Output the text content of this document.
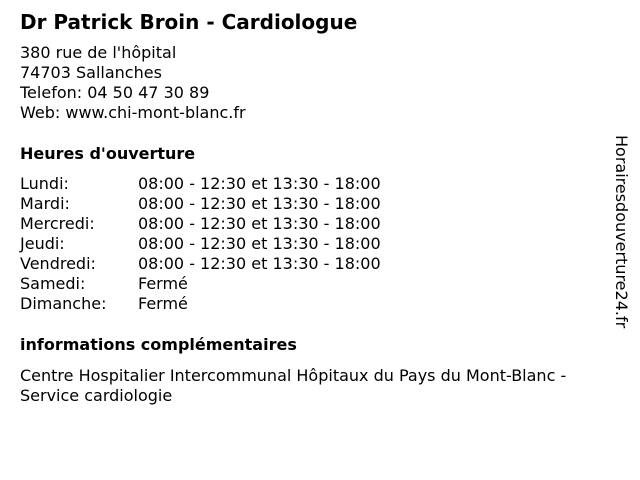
Dr Patrick Broin - Cardiologue
380 rue de l'hôpital
74703 Sallanches
Telefon: 04 50 47 30 89
Web: www.chi-mont-blanc.fr
Heures d'ouverture
Lundi:	08:00 - 12:30 et 13:30 - 18:00
Mardi:	08:00 - 12:30 et 13:30 - 18:00
Mercredi:	08:00 - 12:30 et 13:30 - 18:00
Jeudi:	08:00 - 12:30 et 13:30 - 18:00
Vendredi:	08:00 - 12:30 et 13:30 - 18:00
Samedi:	Fermé
Dimanche:	Fermé
informations complémentaires
Centre Hospitalier Intercommunal Hôpitaux du Pays du Mont-Blanc - Service cardiologie
Horairesdouverture24.fr
